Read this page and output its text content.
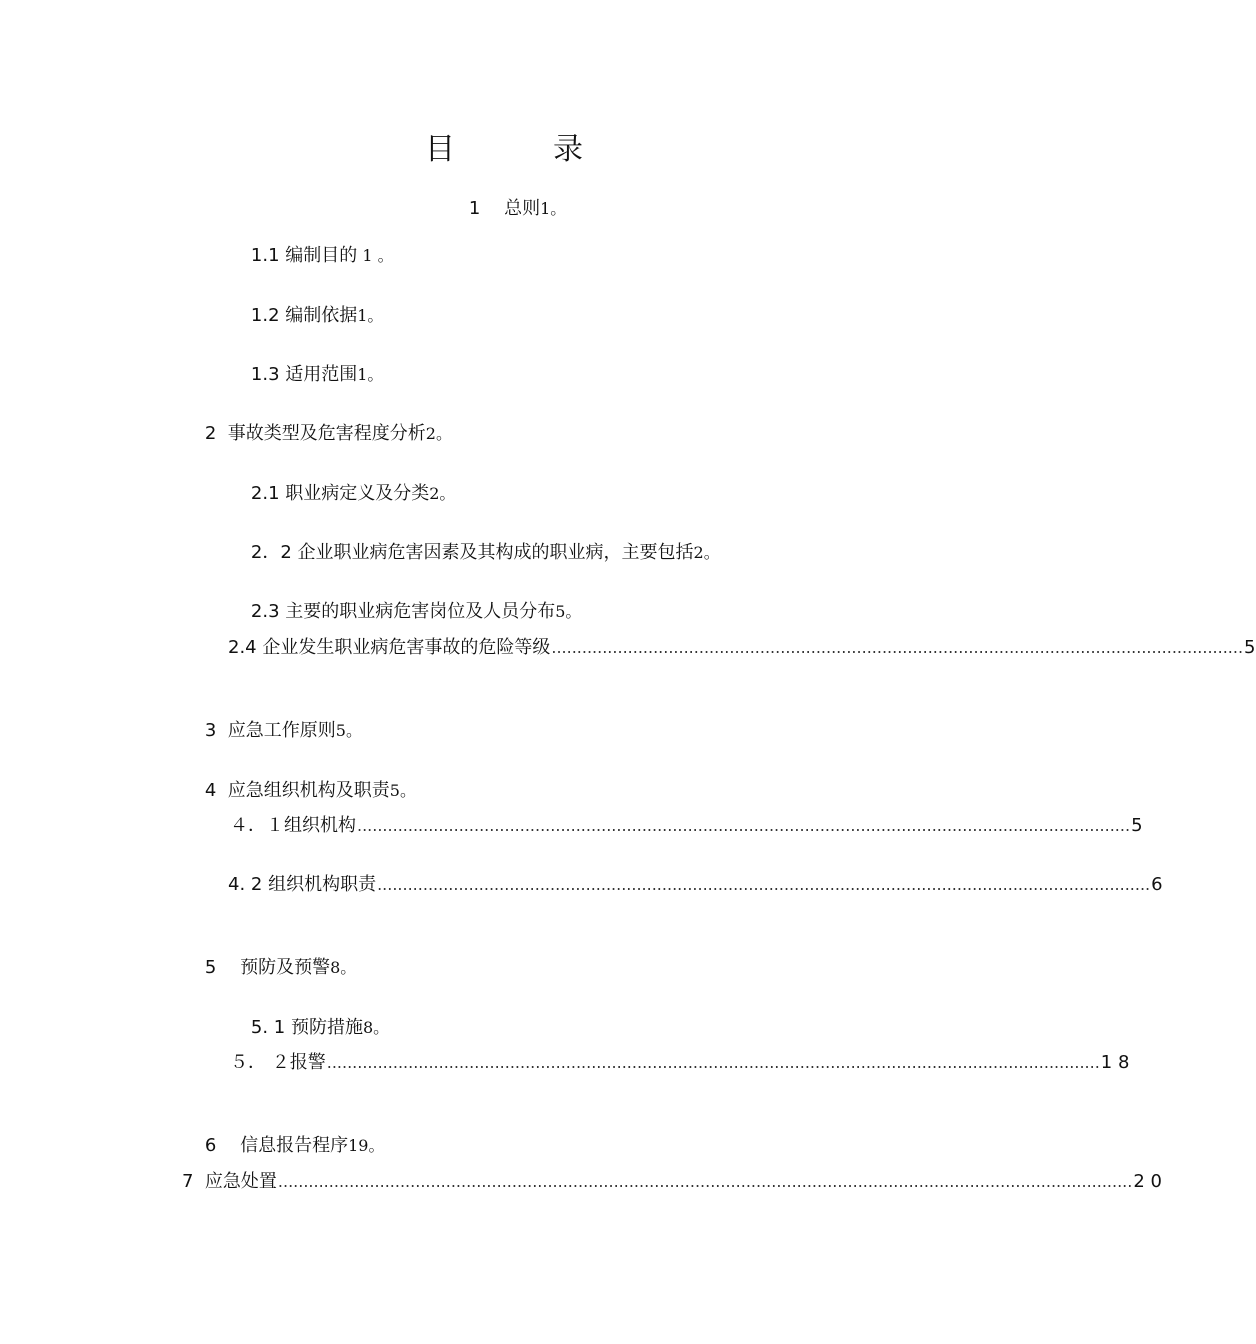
目　　　录

1　 总则1。

1.1 编制目的 1 。

1.2 编制依据1。

1.3 适用范围1。

2  事故类型及危害程度分析2。

2.1 职业病定义及分类2。

2．2 企业职业病危害因素及其构成的职业病，主要包括2。

2.3 主要的职业病危害岗位及人员分布5。

2.4 企业发生职业病危害事故的危险等级 ........................................................................................................................................ 5

3  应急工作原则5。

4  应急组织机构及职责5。

４．１组织机构 ........................................................................................................................................................ 5
4. 2 组织机构职责 ........................................................................................................................................................ 6

5　 预防及预警8。

5. 1 预防措施8。

５． ２报警 ........................................................................................................................................................ 1 8

6　 信息报告程序19。

7  应急处置 ........................................................................................................................................................................ 2 0
